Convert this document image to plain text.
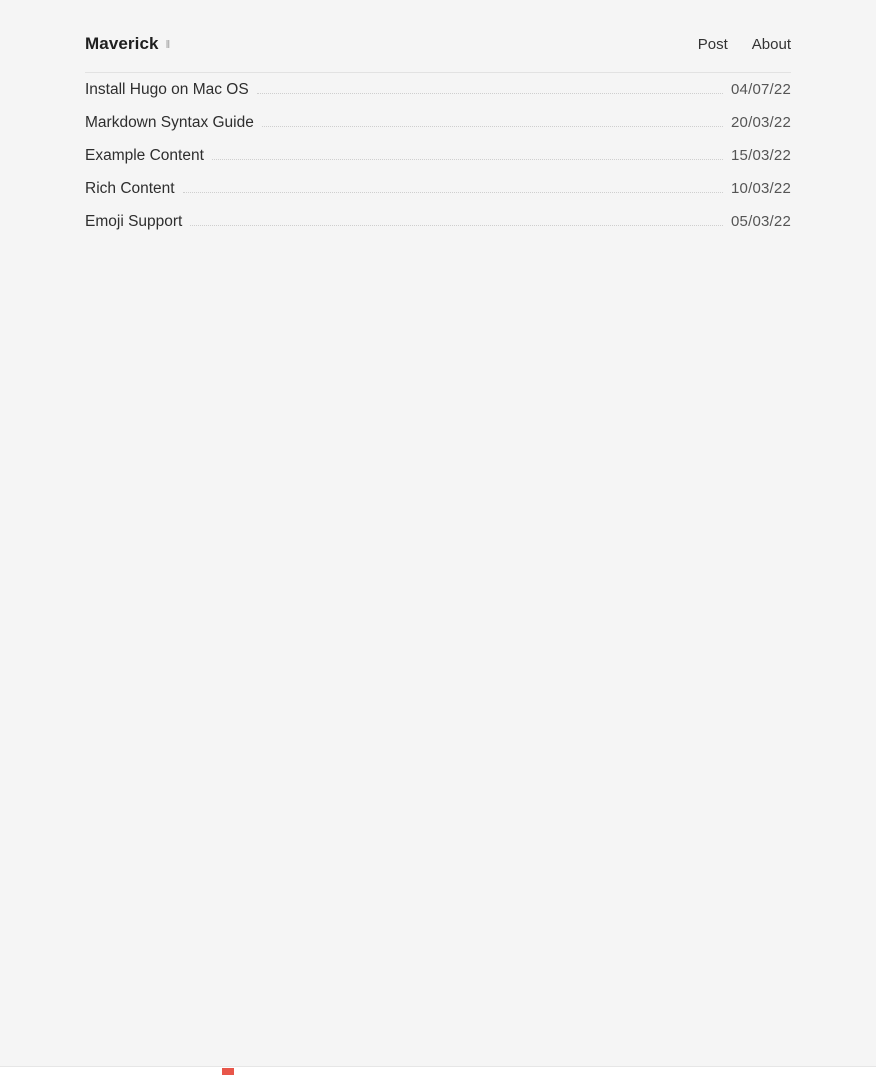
Maverick ‖	Post About
Install Hugo on Mac OS	04/07/22
Markdown Syntax Guide	20/03/22
Example Content	15/03/22
Rich Content	10/03/22
Emoji Support	05/03/22
